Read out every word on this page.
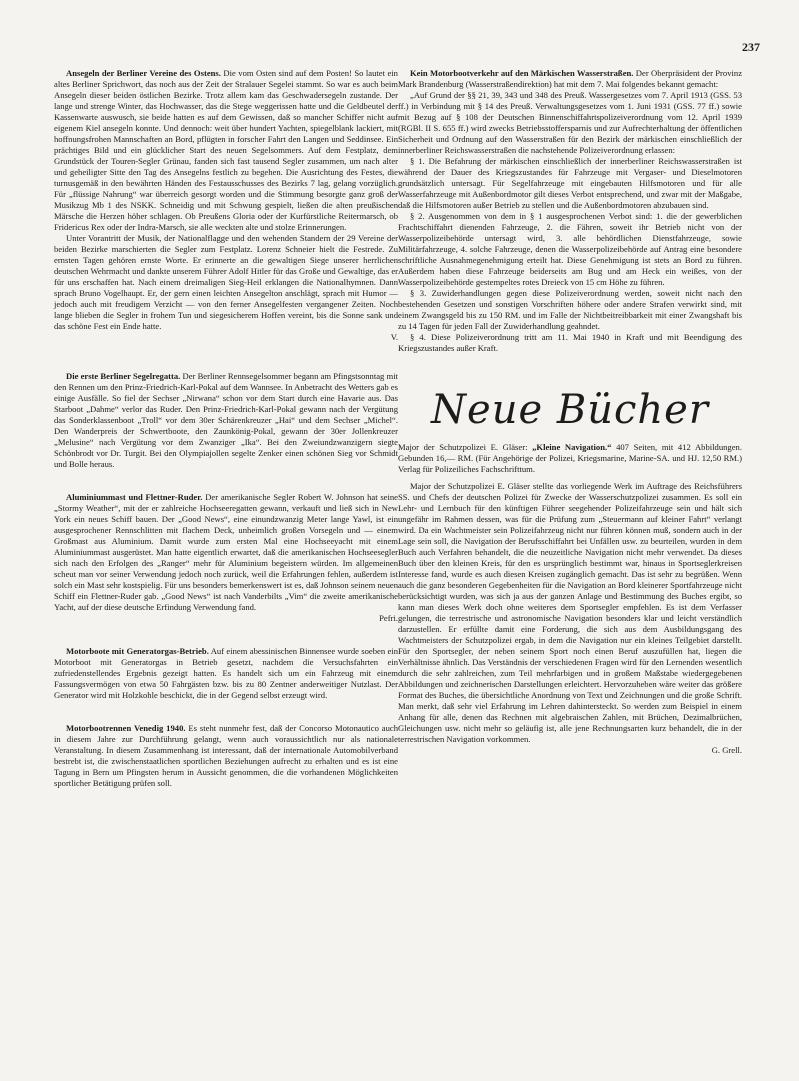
237

Ansegeln der Berliner Vereine des Ostens. Die vom Osten sind auf dem Posten! So lautet ein altes Berliner Sprichwort, das noch aus der Zeit der Stralauer Segelei stammt. So war es auch beim Ansegeln dieser beiden östlichen Bezirke. Trotz allem kam das Geschwadersegeln zustande. Der lange und strenge Winter, das Hochwasser, das die Stege weggerissen hatte und die Geldbeutel der Kassenwarte auswusch, sie beide hatten es auf dem Gewissen, daß so mancher Schiffer nicht auf eigenem Kiel ansegeln konnte. Und dennoch: weit über hundert Yachten, spiegelblank lackiert, mit hoffnungsfrohen Mannschaften an Bord, pflügten in forscher Fahrt den Langen und Seddinsee. Ein prächtiges Bild und ein glücklicher Start des neuen Segelsommers. Auf dem Festplatz, dem Grundstück der Touren-Segler Grünau, fanden sich fast tausend Segler zusammen, um nach alter und geheiligter Sitte den Tag des Ansegelns festlich zu begehen. Die Ausrichtung des Festes, die turnusgemäß in den bewährten Händen des Festausschusses des Bezirks 7 lag, gelang vorzüglich. Für „flüssige Nahrung“ war überreich gesorgt worden und die Stimmung besorgte ganz groß der Musikzug Mb 1 des NSKK. Schneidig und mit Schwung gespielt, ließen die alten preußischen Märsche die Herzen höher schlagen. Ob Preußens Gloria oder der Kurfürstliche Reitermarsch, ob Fridericus Rex oder der Indra-Marsch, sie alle weckten alte und stolze Erinnerungen.

Unter Vorantritt der Musik, der Nationalflagge und den wehenden Standern der 29 Vereine der beiden Bezirke marschierten die Segler zum Festplatz. Lorenz Schneier hielt die Festrede. Zu ernsten Tagen gehören ernste Worte. Er erinnerte an die gewaltigen Siege unserer herrlichen deutschen Wehrmacht und dankte unserem Führer Adolf Hitler für das Große und Gewaltige, das er für uns erschaffen hat. Nach einem dreimaligen Sieg-Heil erklangen die Nationalhymnen. Dann sprach Bruno Vogelhaupt. Er, der gern einen leichten Ansegelton anschlägt, sprach mit Humor — jedoch auch mit freudigem Verzicht — von den ferner Ansegelfesten vergangener Zeiten. Noch lange blieben die Segler in frohem Tun und siegesicherem Hoffen vereint, bis die Sonne sank und das schöne Fest ein Ende hatte.

V.

Die erste Berliner Segelregatta. Der Berliner Rennsegelsommer begann am Pfingstsonntag mit den Rennen um den Prinz-Friedrich-Karl-Pokal auf dem Wannsee. In Anbetracht des Wetters gab es einige Ausfälle. So fiel der Sechser „Nirwana“ schon vor dem Start durch eine Havarie aus. Das Starboot „Dahme“ verlor das Ruder. Den Prinz-Friedrich-Karl-Pokal gewann nach der Vergütung das Sonderklassenboot „Troll“ vor dem 30er Schärenkreuzer „Hai“ und dem Sechser „Michel“. Den Wanderpreis der Schwertboote, den Zaunkönig-Pokal, gewann der 30er Jollenkreuzer „Melusine“ nach Vergütung vor dem Zwanziger „Ika“. Bei den Zweiundzwanzigern siegte Schönbrodt vor Dr. Turgit. Bei den Olympiajollen segelte Zenker einen schönen Sieg vor Schmidt und Bolle heraus.

Aluminiummast und Flettner-Ruder. Der amerikanische Segler Robert W. Johnson hat seine „Stormy Weather“, mit der er zahlreiche Hochseeregatten gewann, verkauft und ließ sich in New York ein neues Schiff bauen. Der „Good News“, eine einundzwanzig Meter lange Yawl, ist ein ausgesprochener Rennschlitten mit flachem Deck, unheimlich großen Vorsegeln und — einem Großmast aus Aluminium. Damit wurde zum ersten Mal eine Hochseeyacht mit einem Aluminiummast ausgerüstet. Man hatte eigentlich erwartet, daß die amerikanischen Hochseesegler sich nach den Erfolgen des „Ranger“ mehr für Aluminium begeistern würden. Im allgemeinen scheut man vor seiner Verwendung jedoch noch zurück, weil die Erfahrungen fehlen, außerdem ist solch ein Mast sehr kostspielig. Für uns besonders bemerkenswert ist es, daß Johnson seinem neuen Schiff ein Flettner-Ruder gab. „Good News“ ist nach Vanderbilts „Vim“ die zweite amerikanische Yacht, auf der diese deutsche Erfindung Verwendung fand.

Pefri.

Motorboote mit Generatorgas-Betrieb. Auf einem abessinischen Binnensee wurde soeben ein Motorboot mit Generatorgas in Betrieb gesetzt, nachdem die Versuchsfahrten ein zufriedenstellendes Ergebnis gezeigt hatten. Es handelt sich um ein Fahrzeug mit einem Fassungsvermögen von etwa 50 Fahrgästen bzw. bis zu 80 Zentner anderweitiger Nutzlast. Der Generator wird mit Holzkohle beschickt, die in der Gegend selbst erzeugt wird.

Motorbootrennen Venedig 1940. Es steht nunmehr fest, daß der Concorso Motonautico auch in diesem Jahre zur Durchführung gelangt, wenn auch voraussichtlich nur als nationale Veranstaltung. In diesem Zusammenhang ist interessant, daß der internationale Automobilverband bestrebt ist, die zwischenstaatlichen sportlichen Beziehungen aufrecht zu erhalten und es ist eine Tagung in Bern um Pfingsten herum in Aussicht genommen, die die vorhandenen Möglichkeiten sportlicher Betätigung prüfen soll.

Kein Motorbootverkehr auf den Märkischen Wasserstraßen. Der Oberpräsident der Provinz Mark Brandenburg (Wasserstraßendirektion) hat mit dem 7. Mai folgendes bekannt gemacht:

„Auf Grund der §§ 21, 39, 343 und 348 des Preuß. Wassergesetzes vom 7. April 1913 (GSS. 53 ff.) in Verbindung mit § 14 des Preuß. Verwaltungsgesetzes vom 1. Juni 1931 (GSS. 77 ff.) sowie mit Bezug auf § 108 der Deutschen Binnenschiffahrtspolizeiverordnung vom 12. April 1939 (RGBl. II S. 655 ff.) wird zwecks Betriebsstoffersparnis und zur Aufrechterhaltung der öffentlichen Sicherheit und Ordnung auf den Wasserstraßen für den Bezirk der märkischen einschließlich der innerberliner Reichswasserstraßen die nachstehende Polizeiverordnung erlassen:

§ 1. Die Befahrung der märkischen einschließlich der innerberliner Reichswasserstraßen ist während der Dauer des Kriegszustandes für Fahrzeuge mit Vergaser- und Dieselmotoren grundsätzlich untersagt. Für Segelfahrzeuge mit eingebauten Hilfsmotoren und für alle Wasserfahrzeuge mit Außenbordmotor gilt dieses Verbot entsprechend, und zwar mit der Maßgabe, daß die Hilfsmotoren außer Betrieb zu stellen und die Außenbordmotoren abzubauen sind.

§ 2. Ausgenommen von dem in § 1 ausgesprochenen Verbot sind: 1. die der gewerblichen Frachtschiffahrt dienenden Fahrzeuge, 2. die Fähren, soweit ihr Betrieb nicht von der Wasserpolizeibehörde untersagt wird, 3. alle behördlichen Dienstfahrzeuge, sowie Militärfahrzeuge, 4. solche Fahrzeuge, denen die Wasserpolizeibehörde auf Antrag eine besondere schriftliche Ausnahmegenehmigung erteilt hat. Diese Genehmigung ist stets an Bord zu führen. Außerdem haben diese Fahrzeuge beiderseits am Bug und am Heck ein weißes, von der Wasserpolizeibehörde gestempeltes rotes Dreieck von 15 cm Höhe zu führen.

§ 3. Zuwiderhandlungen gegen diese Polizeiverordnung werden, soweit nicht nach den bestehenden Gesetzen und sonstigen Vorschriften höhere oder andere Strafen verwirkt sind, mit einem Zwangsgeld bis zu 150 RM. und im Falle der Nichtbeitreibbarkeit mit einer Zwangshaft bis zu 14 Tagen für jeden Fall der Zuwiderhandlung geahndet.

§ 4. Diese Polizeiverordnung tritt am 11. Mai 1940 in Kraft und mit Beendigung des Kriegszustandes außer Kraft.

Neue Bücher

Major der Schutzpolizei E. Gläser: „Kleine Navigation.“ 407 Seiten, mit 412 Abbildungen. Gebunden 16,— RM. (Für Angehörige der Polizei, Kriegsmarine, Marine-SA. und HJ. 12,50 RM.) Verlag für Polizeiliches Fachschrifttum.

Major der Schutzpolizei E. Gläser stellte das vorliegende Werk im Auftrage des Reichsführers SS. und Chefs der deutschen Polizei für Zwecke der Wasserschutzpolizei zusammen. Es soll ein Lehr- und Lernbuch für den künftigen Führer seegehender Polizeifahrzeuge sein und hält sich ungefähr im Rahmen dessen, was für die Prüfung zum „Steuermann auf kleiner Fahrt“ verlangt wird. Da ein Wachtmeister sein Polizeifahrzeug nicht nur führen können muß, sondern auch in der Lage sein soll, die Navigation der Berufsschiffahrt bei Unfällen usw. zu beurteilen, wurden in dem Buch auch Verfahren behandelt, die die neuzeitliche Navigation nicht mehr verwendet. Da dieses Buch über den kleinen Kreis, für den es ursprünglich bestimmt war, hinaus in Sportseglerkreisen Interesse fand, wurde es auch diesen Kreisen zugänglich gemacht. Das ist sehr zu begrüßen. Wenn auch die ganz besonderen Gegebenheiten für die Navigation an Bord kleinerer Sportfahrzeuge nicht berücksichtigt wurden, was sich ja aus der ganzen Anlage und Bestimmung des Buches ergibt, so kann man dieses Werk doch ohne weiteres dem Sportsegler empfehlen. Es ist dem Verfasser gelungen, die terrestrische und astronomische Navigation besonders klar und leicht verständlich darzustellen. Er erfüllte damit eine Forderung, die sich aus dem Ausbildungsgang des Wachtmeisters der Schutzpolizei ergab, in dem die Navigation nur ein kleines Teilgebiet darstellt. Für den Sportsegler, der neben seinem Sport noch einen Beruf auszufüllen hat, liegen die Verhältnisse ähnlich. Das Verständnis der verschiedenen Fragen wird für den Lernenden wesentlich durch die sehr zahlreichen, zum Teil mehrfarbigen und in großem Maßstabe wiedergegebenen Abbildungen und zeichnerischen Darstellungen erleichtert. Hervorzuheben wäre weiter das größere Format des Buches, die übersichtliche Anordnung von Text und Zeichnungen und die große Schrift. Man merkt, daß sehr viel Erfahrung im Lehren dahintersteckt. So werden zum Beispiel in einem Anhang für alle, denen das Rechnen mit algebraischen Zahlen, mit Brüchen, Dezimalbrüchen, Gleichungen usw. nicht mehr so geläufig ist, alle jene Rechnungsarten kurz behandelt, die in der terrestrischen Navigation vorkommen.

G. Grell.
